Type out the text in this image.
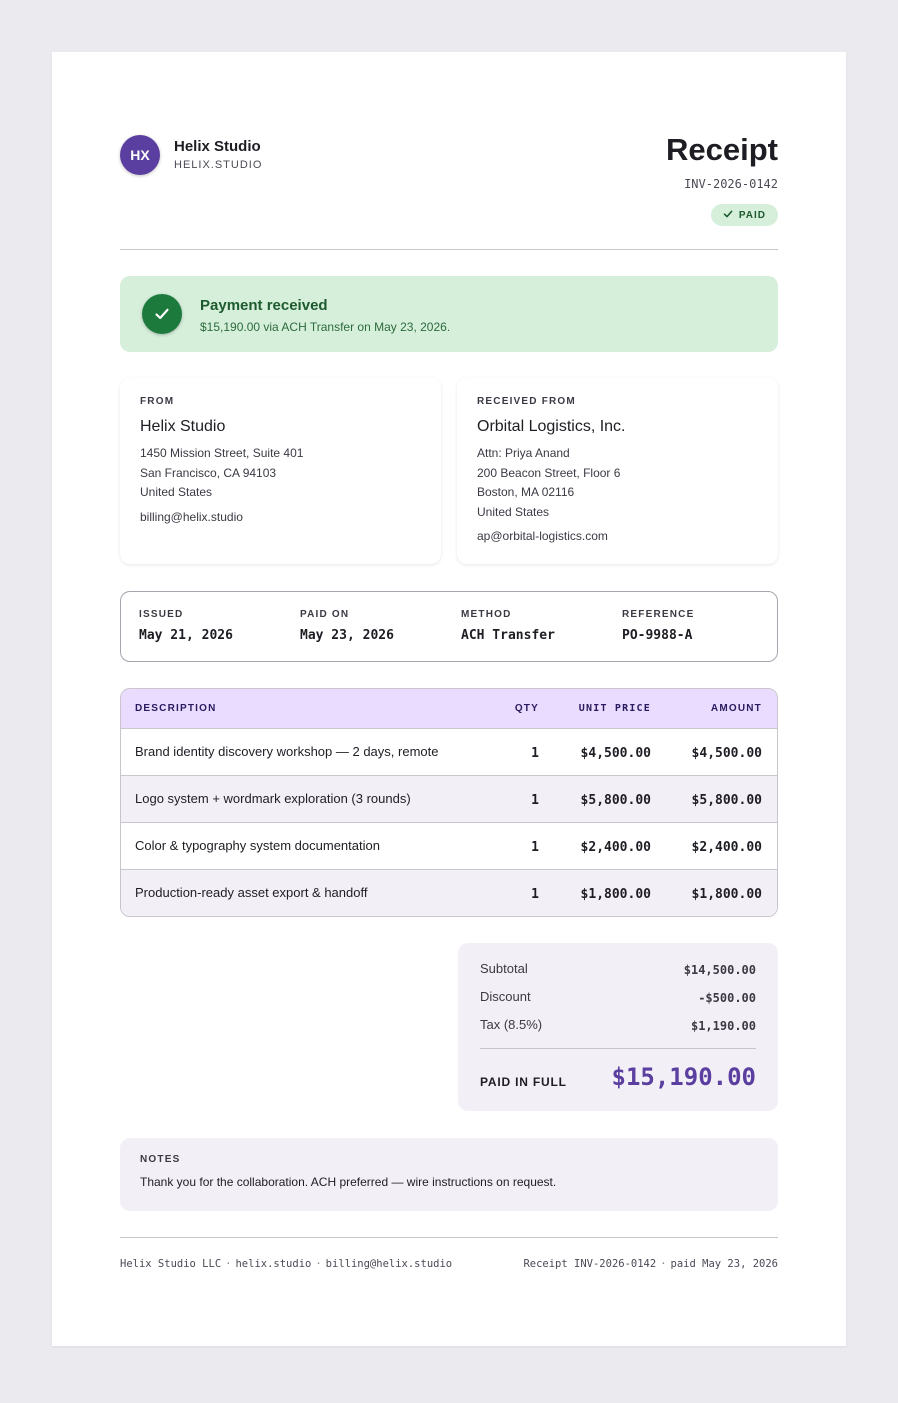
HX	Helix Studio
HELIX.STUDIO	Receipt
INV-2026-0142
PAID
Payment received
$15,190.00 via ACH Transfer on May 23, 2026.
FROM
Helix Studio
1450 Mission Street, Suite 401
San Francisco, CA 94103
United States
billing@helix.studio
RECEIVED FROM
Orbital Logistics, Inc.
Attn: Priya Anand
200 Beacon Street, Floor 6
Boston, MA 02116
United States
ap@orbital-logistics.com
ISSUED
May 21, 2026
PAID ON
May 23, 2026
METHOD
ACH Transfer
REFERENCE
PO-9988-A
DESCRIPTION	QTY	UNIT PRICE	AMOUNT
Brand identity discovery workshop — 2 days, remote	1	$4,500.00	$4,500.00
Logo system + wordmark exploration (3 rounds)	1	$5,800.00	$5,800.00
Color & typography system documentation	1	$2,400.00	$2,400.00
Production-ready asset export & handoff	1	$1,800.00	$1,800.00
Subtotal	$14,500.00
Discount	-$500.00
Tax (8.5%)	$1,190.00
PAID IN FULL $15,190.00
NOTES
Thank you for the collaboration. ACH preferred — wire instructions on request.
Helix Studio LLC · helix.studio · billing@helix.studio	Receipt INV-2026-0142 · paid May 23, 2026
